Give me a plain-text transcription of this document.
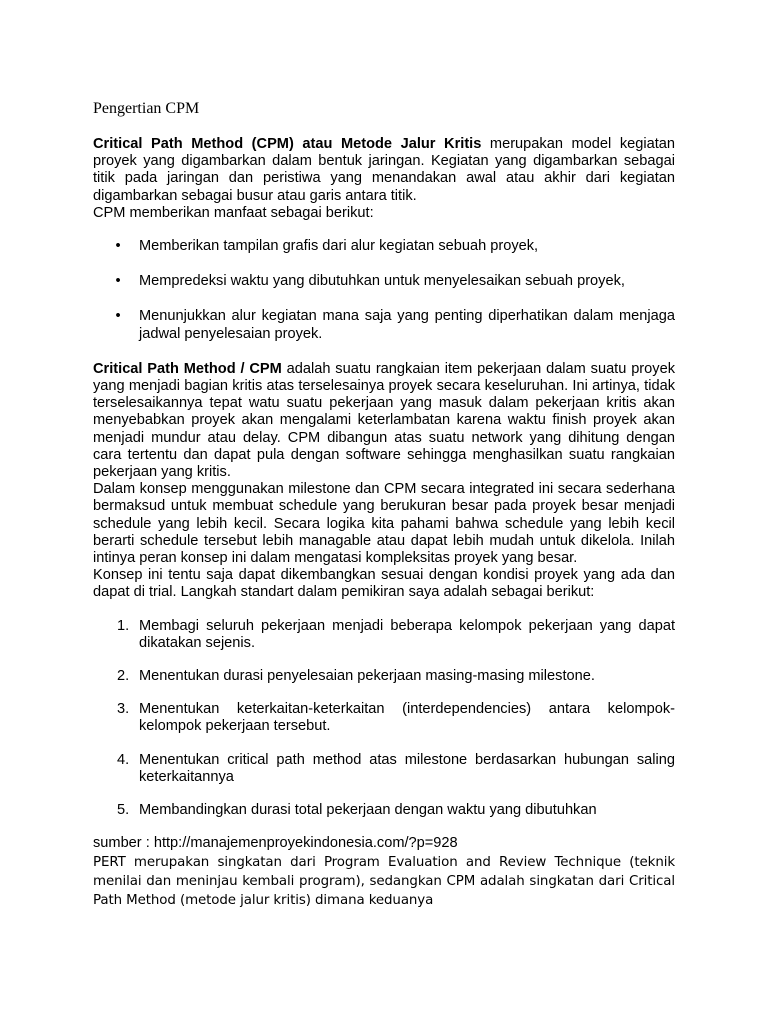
Pengertian CPM

Critical Path Method (CPM) atau Metode Jalur Kritis merupakan model kegiatan proyek yang digambarkan dalam bentuk jaringan. Kegiatan yang digambarkan sebagai titik pada jaringan dan peristiwa yang menandakan awal atau akhir dari kegiatan digambarkan sebagai busur atau garis antara titik.

CPM memberikan manfaat sebagai berikut:

• Memberikan tampilan grafis dari alur kegiatan sebuah proyek,
• Mempredeksi waktu yang dibutuhkan untuk menyelesaikan sebuah proyek,
• Menunjukkan alur kegiatan mana saja yang penting diperhatikan dalam menjaga jadwal penyelesaian proyek.

Critical Path Method / CPM adalah suatu rangkaian item pekerjaan dalam suatu proyek yang menjadi bagian kritis atas terselesainya proyek secara keseluruhan. Ini artinya, tidak terselesaikannya tepat watu suatu pekerjaan yang masuk dalam pekerjaan kritis akan menyebabkan proyek akan mengalami keterlambatan karena waktu finish proyek akan menjadi mundur atau delay. CPM dibangun atas suatu network yang dihitung dengan cara tertentu dan dapat pula dengan software sehingga menghasilkan suatu rangkaian pekerjaan yang kritis.

Dalam konsep menggunakan milestone dan CPM secara integrated ini secara sederhana bermaksud untuk membuat schedule yang berukuran besar pada proyek besar menjadi schedule yang lebih kecil. Secara logika kita pahami bahwa schedule yang lebih kecil berarti schedule tersebut lebih managable atau dapat lebih mudah untuk dikelola. Inilah intinya peran konsep ini dalam mengatasi kompleksitas proyek yang besar.

Konsep ini tentu saja dapat dikembangkan sesuai dengan kondisi proyek yang ada dan dapat di trial. Langkah standart dalam pemikiran saya adalah sebagai berikut:

1. Membagi seluruh pekerjaan menjadi beberapa kelompok pekerjaan yang dapat dikatakan sejenis.
2. Menentukan durasi penyelesaian pekerjaan masing-masing milestone.
3. Menentukan keterkaitan-keterkaitan (interdependencies) antara kelompok-kelompok pekerjaan tersebut.
4. Menentukan critical path method atas milestone berdasarkan hubungan saling keterkaitannya
5. Membandingkan durasi total pekerjaan dengan waktu yang dibutuhkan

sumber : http://manajemenproyekindonesia.com/?p=928

PERT merupakan singkatan dari Program Evaluation and Review Technique (teknik menilai dan meninjau kembali program), sedangkan CPM adalah singkatan dari Critical Path Method (metode jalur kritis) dimana keduanya
